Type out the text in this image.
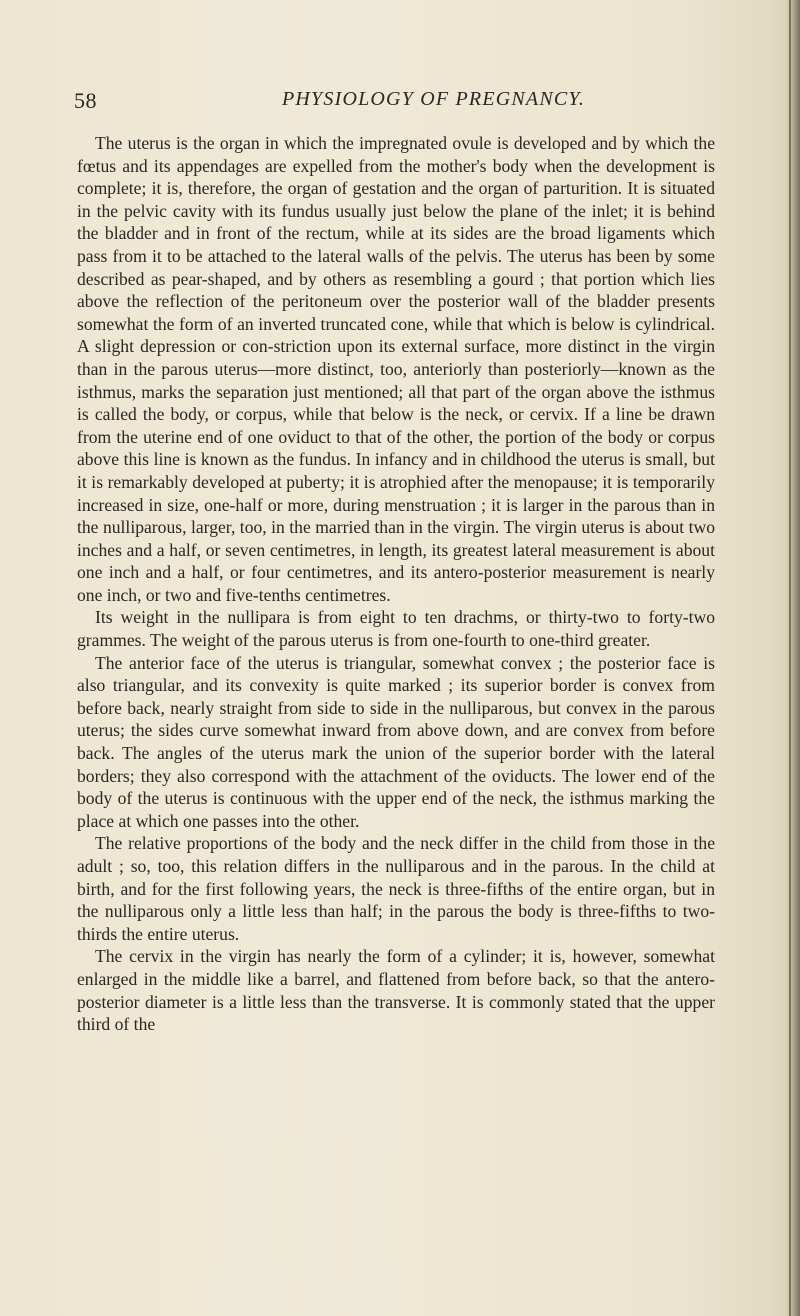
58	PHYSIOLOGY OF PREGNANCY.

The uterus is the organ in which the impregnated ovule is developed and by which the fœtus and its appendages are expelled from the mother's body when the development is complete; it is, therefore, the organ of gestation and the organ of parturition. It is situated in the pelvic cavity with its fundus usually just below the plane of the inlet; it is behind the bladder and in front of the rectum, while at its sides are the broad ligaments which pass from it to be attached to the lateral walls of the pelvis. The uterus has been by some described as pear-shaped, and by others as resembling a gourd ; that portion which lies above the reflection of the peritoneum over the posterior wall of the bladder presents somewhat the form of an inverted truncated cone, while that which is below is cylindrical. A slight depression or con-striction upon its external surface, more distinct in the virgin than in the parous uterus—more distinct, too, anteriorly than posteriorly—known as the isthmus, marks the separation just mentioned; all that part of the organ above the isthmus is called the body, or corpus, while that below is the neck, or cervix. If a line be drawn from the uterine end of one oviduct to that of the other, the portion of the body or corpus above this line is known as the fundus. In infancy and in childhood the uterus is small, but it is remarkably developed at puberty; it is atrophied after the menopause; it is temporarily increased in size, one-half or more, during menstruation ; it is larger in the parous than in the nulliparous, larger, too, in the married than in the virgin. The virgin uterus is about two inches and a half, or seven centimetres, in length, its greatest lateral measurement is about one inch and a half, or four centimetres, and its antero-posterior measurement is nearly one inch, or two and five-tenths centimetres.

Its weight in the nullipara is from eight to ten drachms, or thirty-two to forty-two grammes. The weight of the parous uterus is from one-fourth to one-third greater.

The anterior face of the uterus is triangular, somewhat convex ; the posterior face is also triangular, and its convexity is quite marked ; its superior border is convex from before back, nearly straight from side to side in the nulliparous, but convex in the parous uterus; the sides curve somewhat inward from above down, and are convex from before back. The angles of the uterus mark the union of the superior border with the lateral borders; they also correspond with the attachment of the oviducts. The lower end of the body of the uterus is continuous with the upper end of the neck, the isthmus marking the place at which one passes into the other.

The relative proportions of the body and the neck differ in the child from those in the adult ; so, too, this relation differs in the nulliparous and in the parous. In the child at birth, and for the first following years, the neck is three-fifths of the entire organ, but in the nulliparous only a little less than half; in the parous the body is three-fifths to two-thirds the entire uterus.

The cervix in the virgin has nearly the form of a cylinder; it is, however, somewhat enlarged in the middle like a barrel, and flattened from before back, so that the antero-posterior diameter is a little less than the transverse. It is commonly stated that the upper third of the
